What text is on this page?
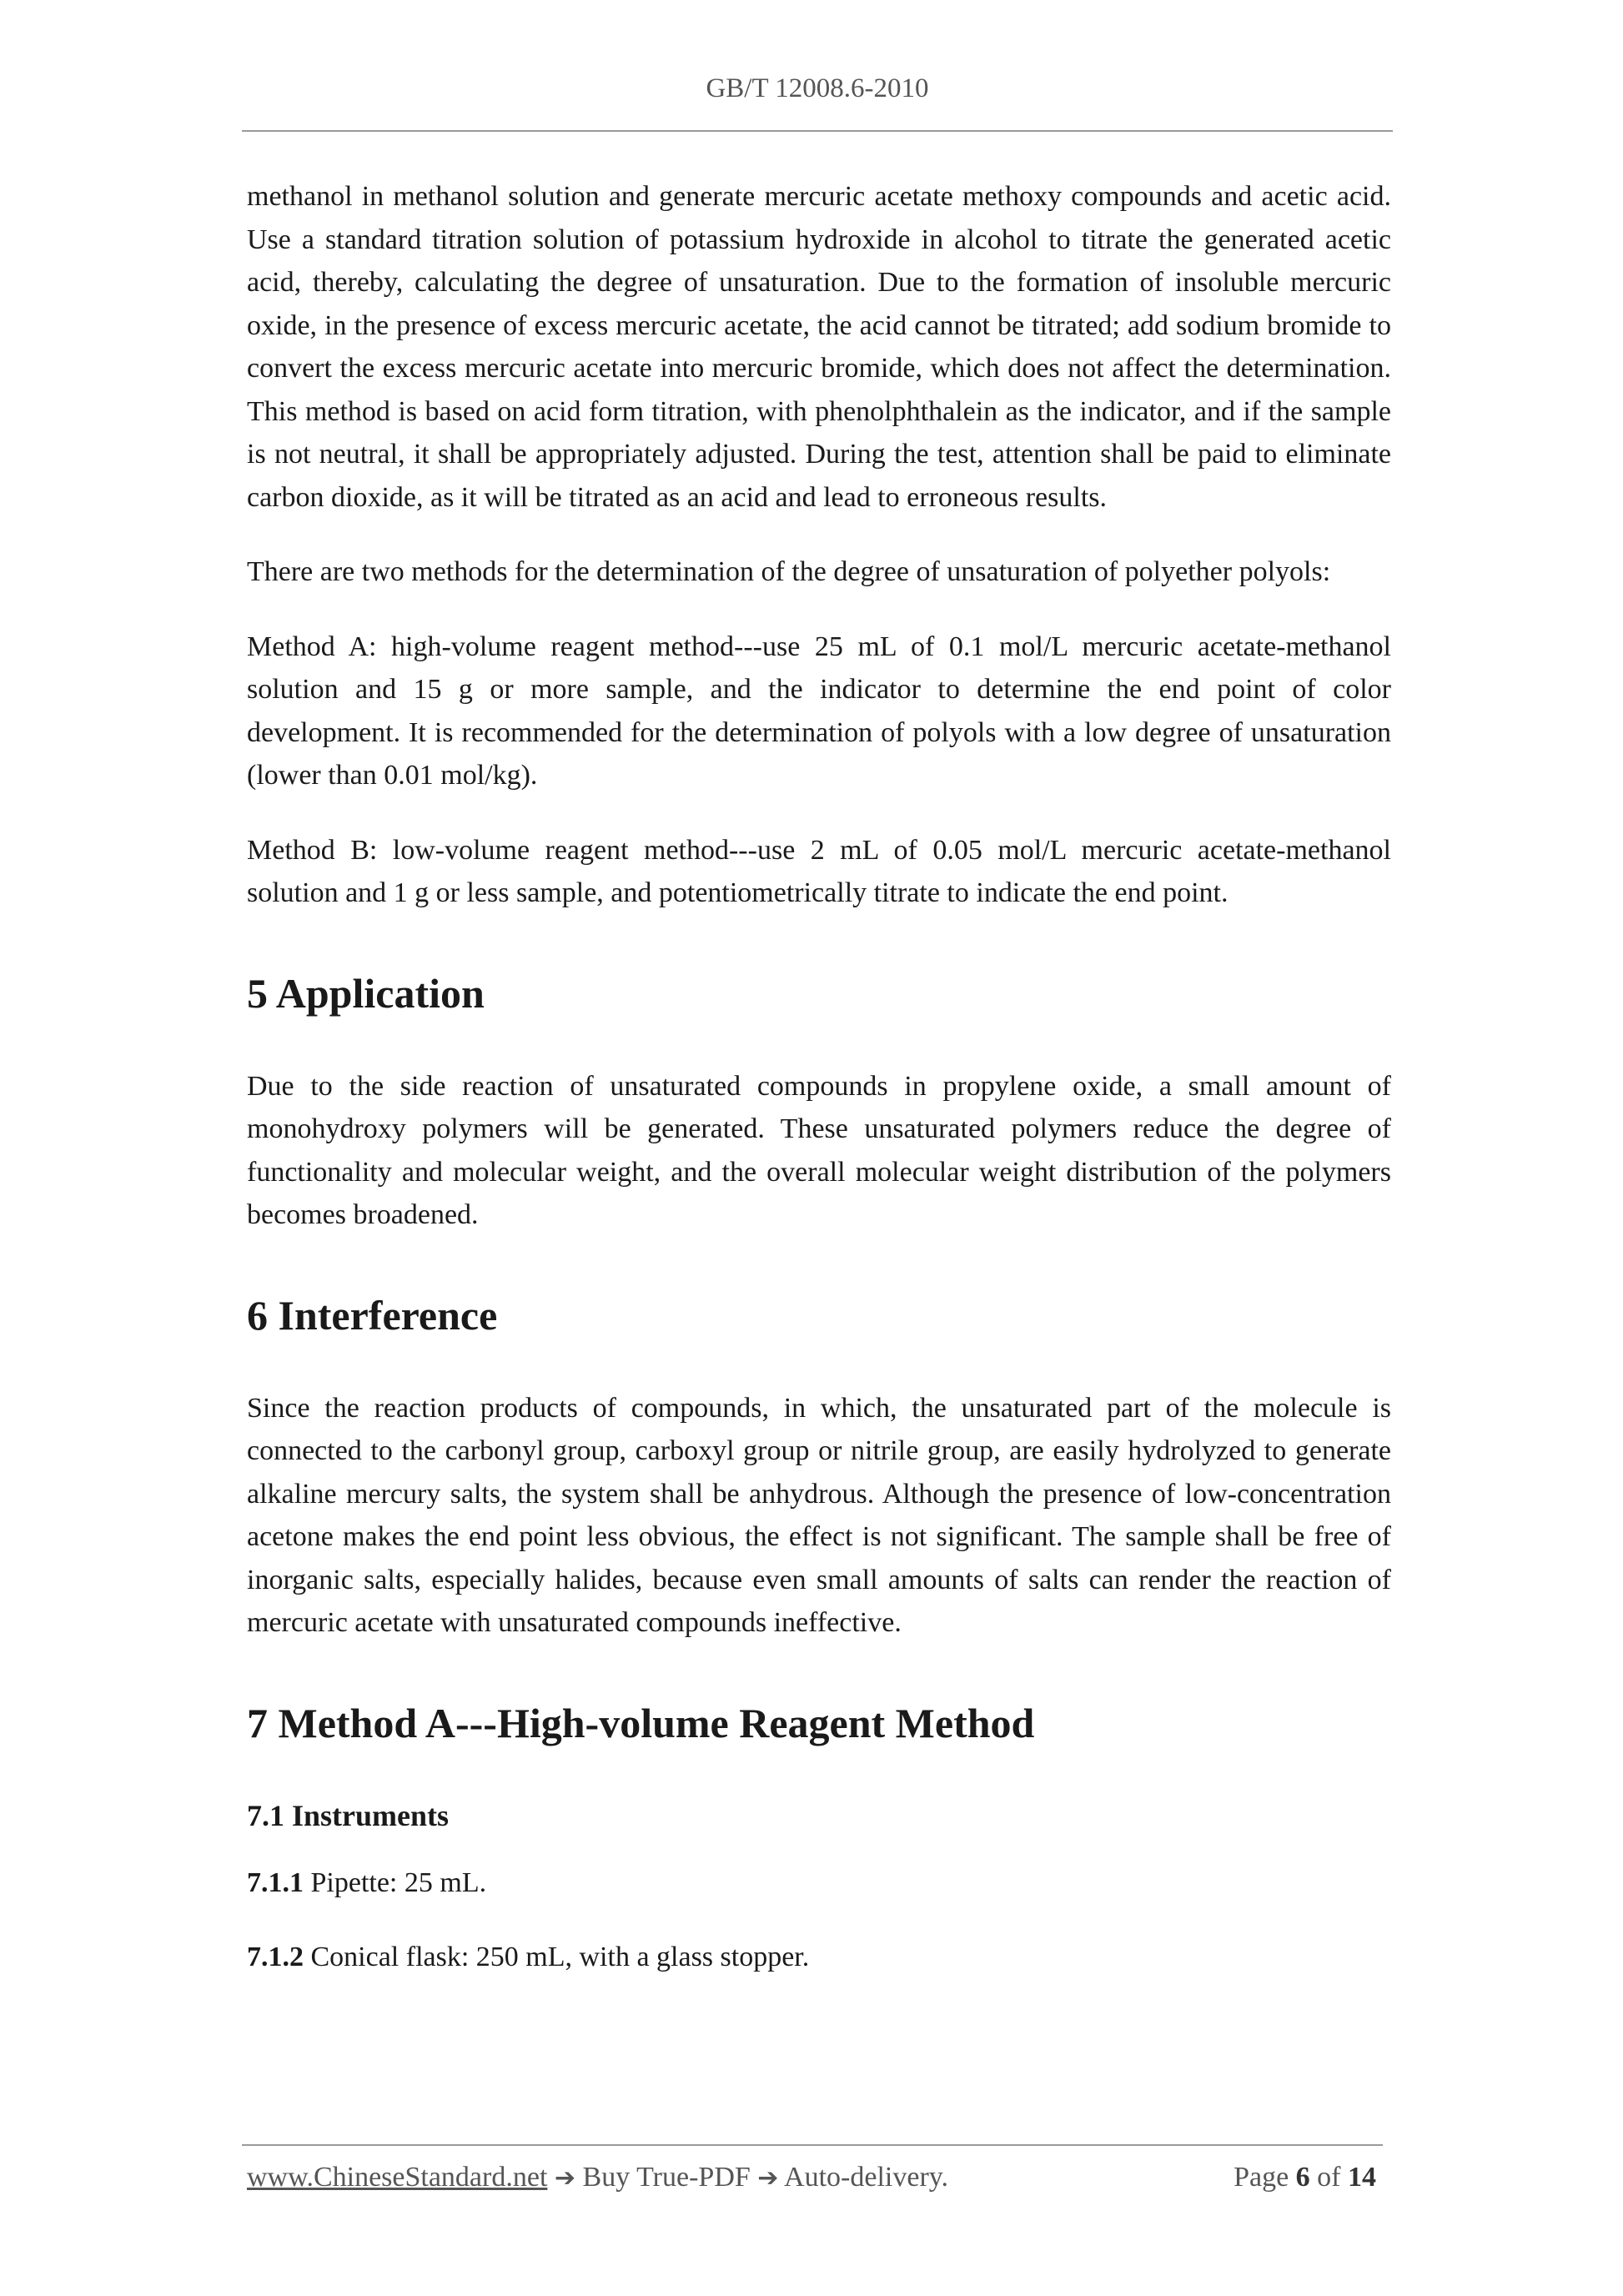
GB/T 12008.6-2010

methanol in methanol solution and generate mercuric acetate methoxy compounds and acetic acid. Use a standard titration solution of potassium hydroxide in alcohol to titrate the generated acetic acid, thereby, calculating the degree of unsaturation. Due to the formation of insoluble mercuric oxide, in the presence of excess mercuric acetate, the acid cannot be titrated; add sodium bromide to convert the excess mercuric acetate into mercuric bromide, which does not affect the determination. This method is based on acid form titration, with phenolphthalein as the indicator, and if the sample is not neutral, it shall be appropriately adjusted. During the test, attention shall be paid to eliminate carbon dioxide, as it will be titrated as an acid and lead to erroneous results.

There are two methods for the determination of the degree of unsaturation of polyether polyols:

Method A: high-volume reagent method---use 25 mL of 0.1 mol/L mercuric acetate-methanol solution and 15 g or more sample, and the indicator to determine the end point of color development. It is recommended for the determination of polyols with a low degree of unsaturation (lower than 0.01 mol/kg).

Method B: low-volume reagent method---use 2 mL of 0.05 mol/L mercuric acetate-methanol solution and 1 g or less sample, and potentiometrically titrate to indicate the end point.

5 Application

Due to the side reaction of unsaturated compounds in propylene oxide, a small amount of monohydroxy polymers will be generated. These unsaturated polymers reduce the degree of functionality and molecular weight, and the overall molecular weight distribution of the polymers becomes broadened.

6 Interference

Since the reaction products of compounds, in which, the unsaturated part of the molecule is connected to the carbonyl group, carboxyl group or nitrile group, are easily hydrolyzed to generate alkaline mercury salts, the system shall be anhydrous. Although the presence of low-concentration acetone makes the end point less obvious, the effect is not significant. The sample shall be free of inorganic salts, especially halides, because even small amounts of salts can render the reaction of mercuric acetate with unsaturated compounds ineffective.

7 Method A---High-volume Reagent Method
7.1 Instruments

7.1.1 Pipette: 25 mL.

7.1.2 Conical flask: 250 mL, with a glass stopper.

www.ChineseStandard.net ➔ Buy True-PDF ➔ Auto-delivery.	Page 6 of 14
